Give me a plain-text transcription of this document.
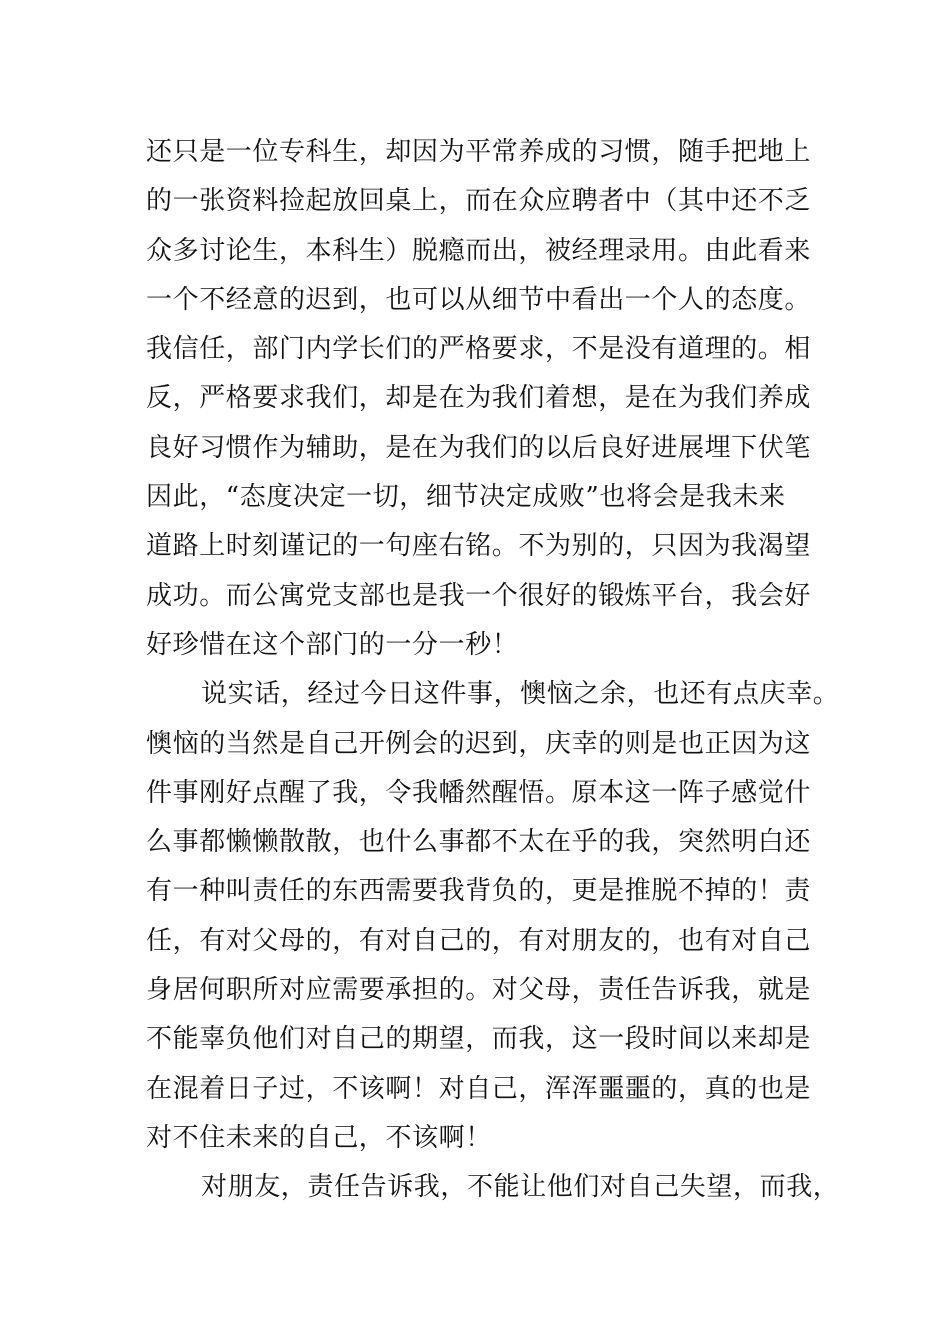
还只是一位专科生，却因为平常养成的习惯，随手把地上
的一张资料捡起放回桌上，而在众应聘者中（其中还不乏
众多讨论生，本科生）脱瘾而出，被经理录用。由此看来
一个不经意的迟到，也可以从细节中看出一个人的态度。
我信任，部门内学长们的严格要求，不是没有道理的。相
反，严格要求我们，却是在为我们着想，是在为我们养成
良好习惯作为辅助，是在为我们的以后良好进展埋下伏笔
因此，“态度决定一切，细节决定成败”也将会是我未来
道路上时刻谨记的一句座右铭。不为别的，只因为我渴望
成功。而公寓党支部也是我一个很好的锻炼平台，我会好
好珍惜在这个部门的一分一秒！
说实话，经过今日这件事，懊恼之余，也还有点庆幸。
懊恼的当然是自己开例会的迟到，庆幸的则是也正因为这
件事刚好点醒了我，令我幡然醒悟。原本这一阵子感觉什
么事都懒懒散散，也什么事都不太在乎的我，突然明白还
有一种叫责任的东西需要我背负的，更是推脱不掉的！责
任，有对父母的，有对自己的，有对朋友的，也有对自己
身居何职所对应需要承担的。对父母，责任告诉我，就是
不能辜负他们对自己的期望，而我，这一段时间以来却是
在混着日子过，不该啊！对自己，浑浑噩噩的，真的也是
对不住未来的自己，不该啊！
对朋友，责任告诉我，不能让他们对自己失望，而我，
